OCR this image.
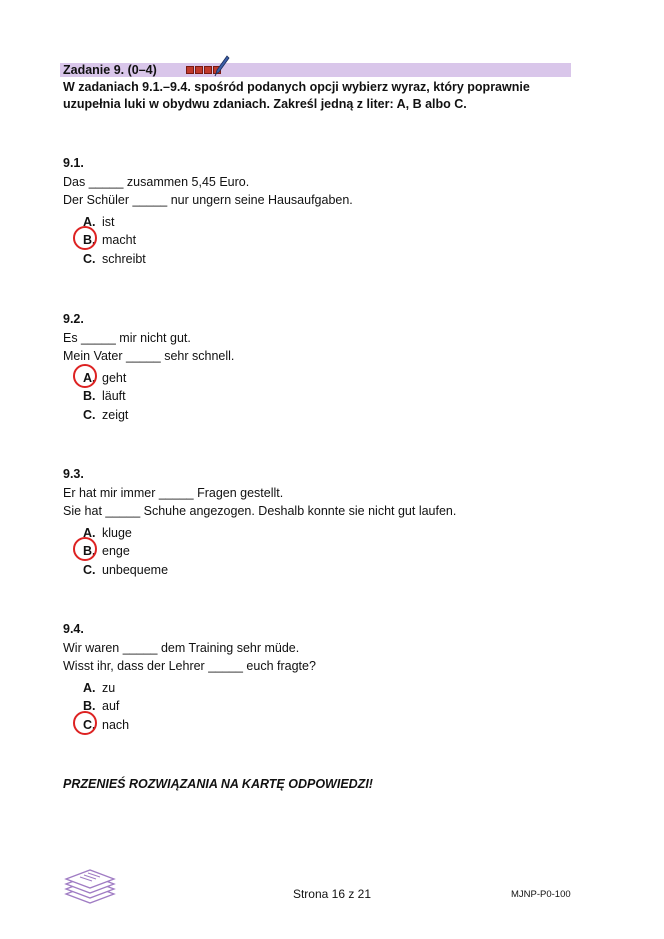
Zadanie 9. (0–4)
W zadaniach 9.1.–9.4. spośród podanych opcji wybierz wyraz, który poprawnie
uzupełnia luki w obydwu zdaniach. Zakreśl jedną z liter: A, B albo C.
9.1.
Das _____ zusammen 5,45 Euro.
Der Schüler _____ nur ungern seine Hausaufgaben.
A. ist
B. macht
C. schreibt
9.2.
Es _____ mir nicht gut.
Mein Vater _____ sehr schnell.
A. geht
B. läuft
C. zeigt
9.3.
Er hat mir immer _____ Fragen gestellt.
Sie hat _____ Schuhe angezogen. Deshalb konnte sie nicht gut laufen.
A. kluge
B. enge
C. unbequeme
9.4.
Wir waren _____ dem Training sehr müde.
Wisst ihr, dass der Lehrer _____ euch fragte?
A. zu
B. auf
C. nach
PRZENIEŚ ROZWIĄZANIA NA KARTĘ ODPOWIEDZI!
Strona 16 z 21	MJNP-P0-100
